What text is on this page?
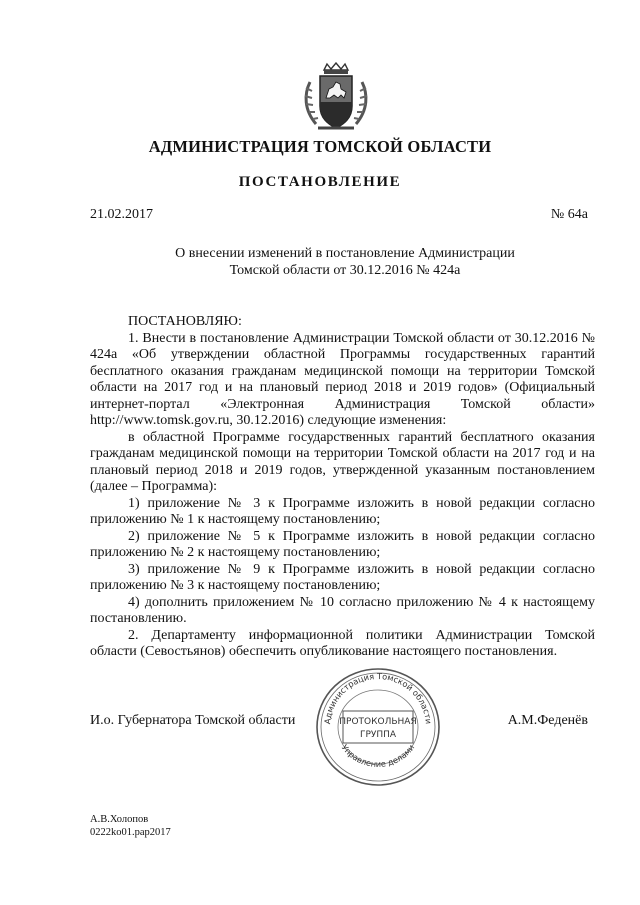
АДМИНИСТРАЦИЯ ТОМСКОЙ ОБЛАСТИ
ПОСТАНОВЛЕНИЕ
21.02.2017	№ 64а
О внесении изменений в постановление Администрации
Томской области от 30.12.2016 № 424а

ПОСТАНОВЛЯЮ:

1. Внести в постановление Администрации Томской области от 30.12.2016 № 424а «Об утверждении областной Программы государственных гарантий бесплатного оказания гражданам медицинской помощи на территории Томской области на 2017 год и на плановый период 2018 и 2019 годов» (Официальный интернет-портал «Электронная Администрация Томской области» http://www.tomsk.gov.ru, 30.12.2016) следующие изменения:

в областной Программе государственных гарантий бесплатного оказания гражданам медицинской помощи на территории Томской области на 2017 год и на плановый период 2018 и 2019 годов, утвержденной указанным постановлением (далее – Программа):

1) приложение № 3 к Программе изложить в новой редакции согласно приложению № 1 к настоящему постановлению;

2) приложение № 5 к Программе изложить в новой редакции согласно приложению № 2 к настоящему постановлению;

3) приложение № 9 к Программе изложить в новой редакции согласно приложению № 3 к настоящему постановлению;

4) дополнить приложением № 10 согласно приложению № 4 к настоящему постановлению.

2. Департаменту информационной политики Администрации Томской области (Севостьянов) обеспечить опубликование настоящего постановления.

И.о. Губернатора Томской области	А.М.Феденёв
Администрация Томской области
Управление делами
ПРОТОКОЛЬНАЯ
ГРУППА
А.В.Холопов
0222ko01.pap2017
